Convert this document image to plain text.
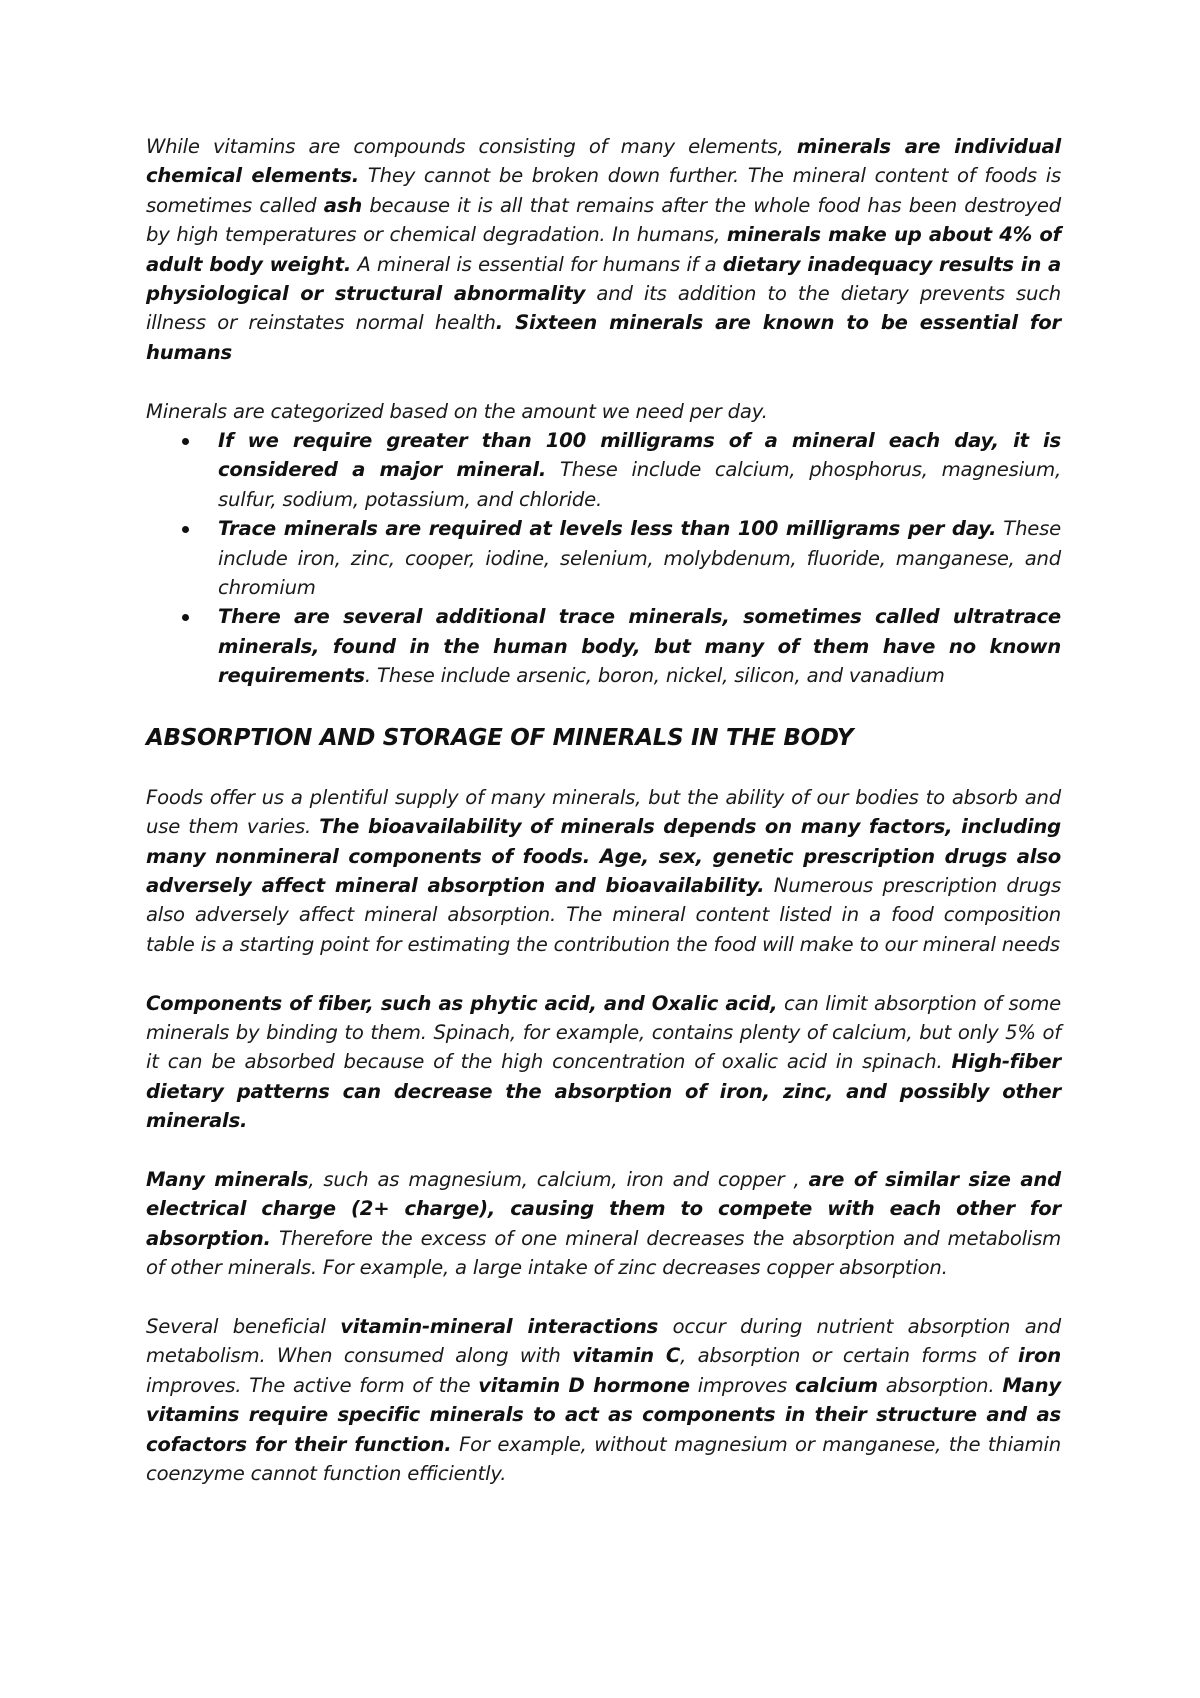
While vitamins are compounds consisting of many elements, minerals are individual chemical elements. They cannot be broken down further. The mineral content of foods is sometimes called ash because it is all that remains after the whole food has been destroyed by high temperatures or chemical degradation. In humans, minerals make up about 4% of adult body weight. A mineral is essential for humans if a dietary inadequacy results in a physiological or structural abnormality and its addition to the dietary prevents such illness or reinstates normal health. Sixteen minerals are known to be essential for humans

Minerals are categorized based on the amount we need per day.

If we require greater than 100 milligrams of a mineral each day, it is considered a major mineral. These include calcium, phosphorus, magnesium, sulfur, sodium, potassium, and chloride.
Trace minerals are required at levels less than 100 milligrams per day. These include iron, zinc, cooper, iodine, selenium, molybdenum, fluoride, manganese, and chromium
There are several additional trace minerals, sometimes called ultratrace minerals, found in the human body, but many of them have no known requirements. These include arsenic, boron, nickel, silicon, and vanadium
ABSORPTION AND STORAGE OF MINERALS IN THE BODY

Foods offer us a plentiful supply of many minerals, but the ability of our bodies to absorb and use them varies. The bioavailability of minerals depends on many factors, including many nonmineral components of foods. Age, sex, genetic prescription drugs also adversely affect mineral absorption and bioavailability. Numerous prescription drugs also adversely affect mineral absorption. The mineral content listed in a food composition table is a starting point for estimating the contribution the food will make to our mineral needs

Components of fiber, such as phytic acid, and Oxalic acid, can limit absorption of some minerals by binding to them. Spinach, for example, contains plenty of calcium, but only 5% of it can be absorbed because of the high concentration of oxalic acid in spinach. High-fiber dietary patterns can decrease the absorption of iron, zinc, and possibly other minerals.

Many minerals, such as magnesium, calcium, iron and copper , are of similar size and electrical charge (2+ charge), causing them to compete with each other for absorption. Therefore the excess of one mineral decreases the absorption and metabolism of other minerals. For example, a large intake of zinc decreases copper absorption.

Several beneficial vitamin-mineral interactions occur during nutrient absorption and metabolism. When consumed along with vitamin C, absorption or certain forms of iron improves. The active form of the vitamin D hormone improves calcium absorption. Many vitamins require specific minerals to act as components in their structure and as cofactors for their function. For example, without magnesium or manganese, the thiamin coenzyme cannot function efficiently.
